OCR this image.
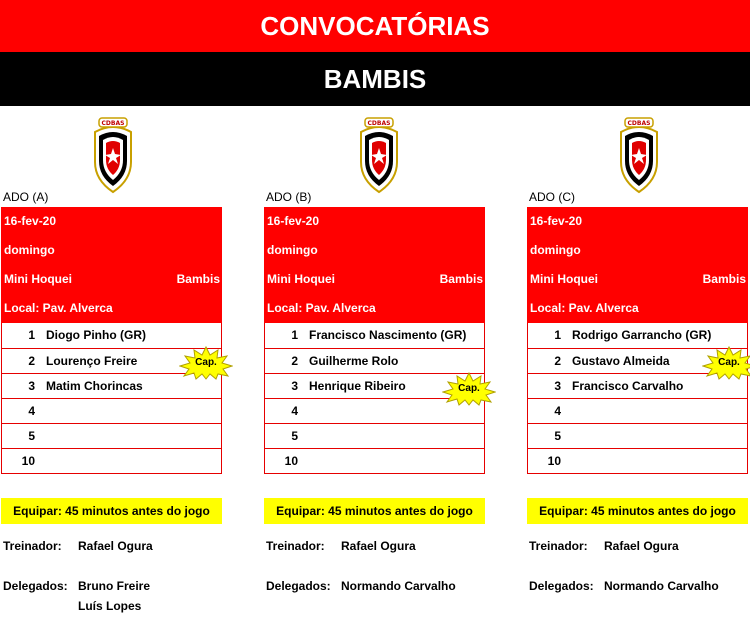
CONVOCATÓRIAS
BAMBIS
CDBAS
ADO (A)
16-fev-20
domingo
Mini Hoquei	Bambis
Local: Pav. Alverca
1 Diogo Pinho (GR)
2 Lourenço Freire
3 Matim Chorincas
4
5
10
Cap.
Equipar: 45 minutos antes do jogo
Treinador: Rafael Ogura
Delegados: Bruno Freire
Luís Lopes
CDBAS
ADO (B)
16-fev-20
domingo
Mini Hoquei	Bambis
Local: Pav. Alverca
1 Francisco Nascimento (GR)
2 Guilherme Rolo
3 Henrique Ribeiro
4
5
10
Cap.
Equipar: 45 minutos antes do jogo
Treinador: Rafael Ogura
Delegados: Normando Carvalho
CDBAS
ADO (C)
16-fev-20
domingo
Mini Hoquei	Bambis
Local: Pav. Alverca
1 Rodrigo Garrancho (GR)
2 Gustavo Almeida
3 Francisco Carvalho
4
5
10
Cap.
Equipar: 45 minutos antes do jogo
Treinador: Rafael Ogura
Delegados: Normando Carvalho
